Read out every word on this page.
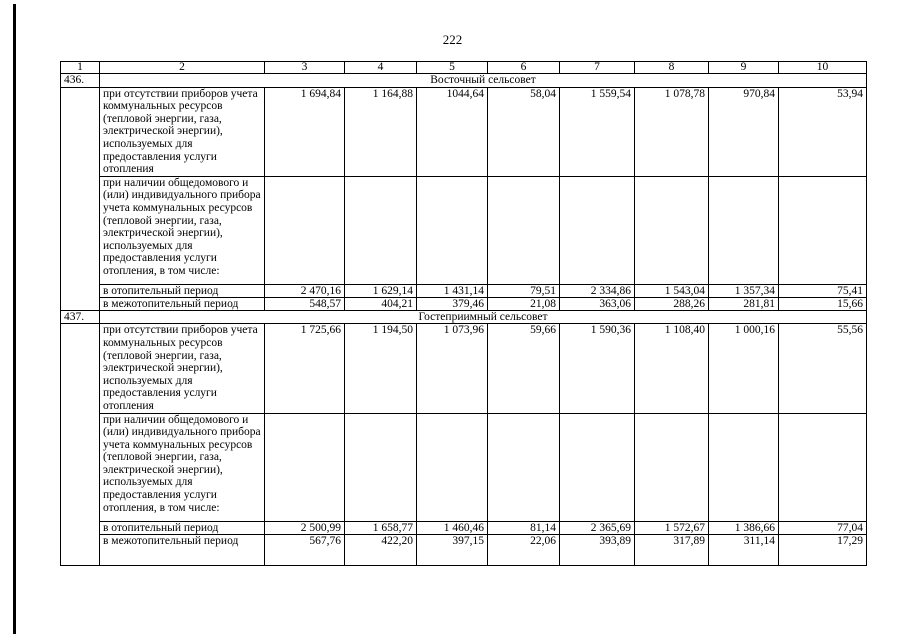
222
1	2	3	4	5	6	7	8	9	10
436.	Восточный сельсовет								
	при отсутствии приборов учета коммунальных ресурсов (тепловой энергии, газа, электрической энергии), используемых для предоставления услуги отопления	1 694,84	1 164,88	1044,64	58,04	1 559,54	1 078,78	970,84	53,94
	при наличии общедомового и (или) индивидуального прибора учета коммунальных ресурсов (тепловой энергии, газа, электрической энергии), используемых для предоставления услуги отопления, в том числе:								
	в отопительный период	2 470,16	1 629,14	1 431,14	79,51	2 334,86	1 543,04	1 357,34	75,41
	в межотопительный период	548,57	404,21	379,46	21,08	363,06	288,26	281,81	15,66
437.	Гостеприимный сельсовет								
	при отсутствии приборов учета коммунальных ресурсов (тепловой энергии, газа, электрической энергии), используемых для предоставления услуги отопления	1 725,66	1 194,50	1 073,96	59,66	1 590,36	1 108,40	1 000,16	55,56
	при наличии общедомового и (или) индивидуального прибора учета коммунальных ресурсов (тепловой энергии, газа, электрической энергии), используемых для предоставления услуги отопления, в том числе:								
	в отопительный период	2 500,99	1 658,77	1 460,46	81,14	2 365,69	1 572,67	1 386,66	77,04
	в межотопительный период	567,76	422,20	397,15	22,06	393,89	317,89	311,14	17,29
